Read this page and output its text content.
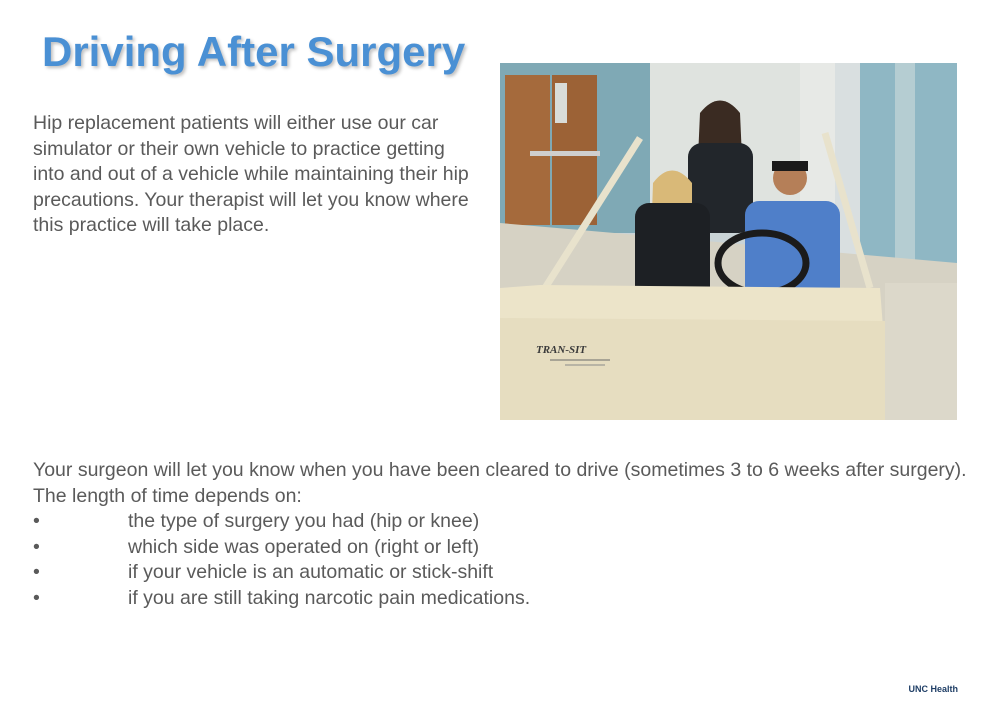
Driving After Surgery
Hip replacement patients will either use our car simulator or their own vehicle to practice getting into and out of a vehicle while maintaining their hip precautions. Your therapist will let you know where this practice will take place.
TRAN-SIT
Your surgeon will let you know when you have been cleared to drive (sometimes 3 to 6 weeks after surgery). The length of time depends on:
•	the type of surgery you had (hip or knee)
•	which side was operated on (right or left)
•	if your vehicle is an automatic or stick-shift
•	if you are still taking narcotic pain medications.
UNC Health
